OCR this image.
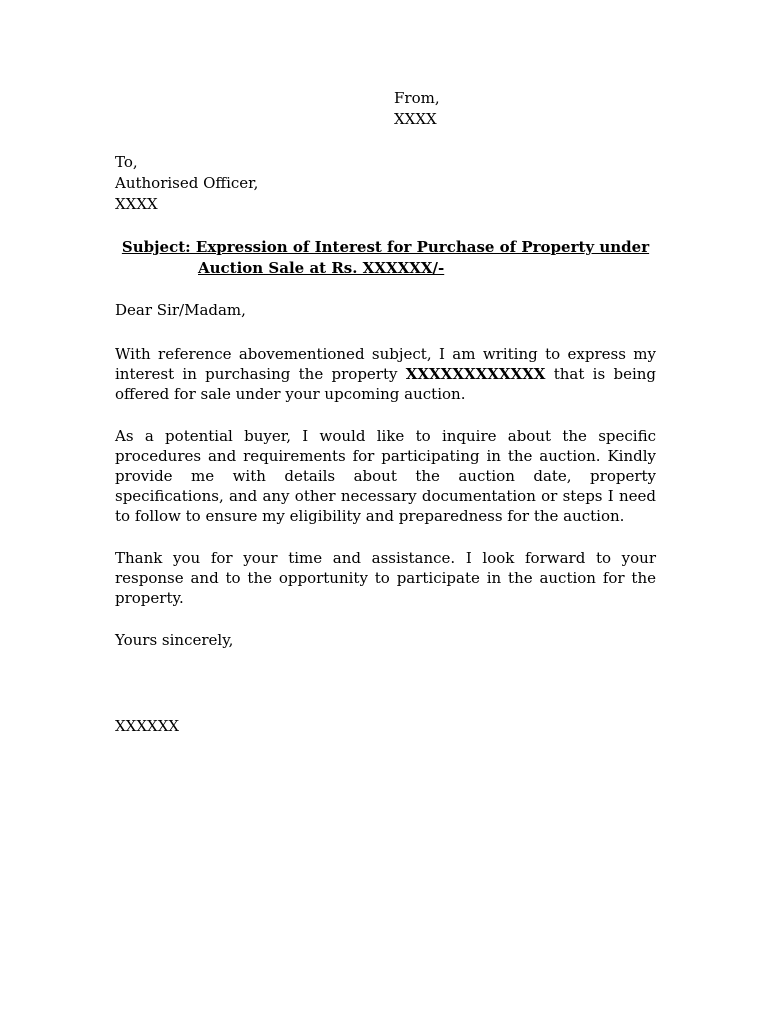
From,
XXXX
To,
Authorised Officer,
XXXX
Subject: Expression of Interest for Purchase of Property under
Auction Sale at Rs. XXXXXX/-
Dear Sir/Madam,
With reference abovementioned subject, I am writing to express my interest in purchasing the property XXXXXXXXXXXX that is being offered for sale under your upcoming auction.
As a potential buyer, I would like to inquire about the specific procedures and requirements for participating in the auction. Kindly provide me with details about the auction date, property specifications, and any other necessary documentation or steps I need to follow to ensure my eligibility and preparedness for the auction.
Thank you for your time and assistance. I look forward to your response and to the opportunity to participate in the auction for the property.
Yours sincerely,
XXXXXX
